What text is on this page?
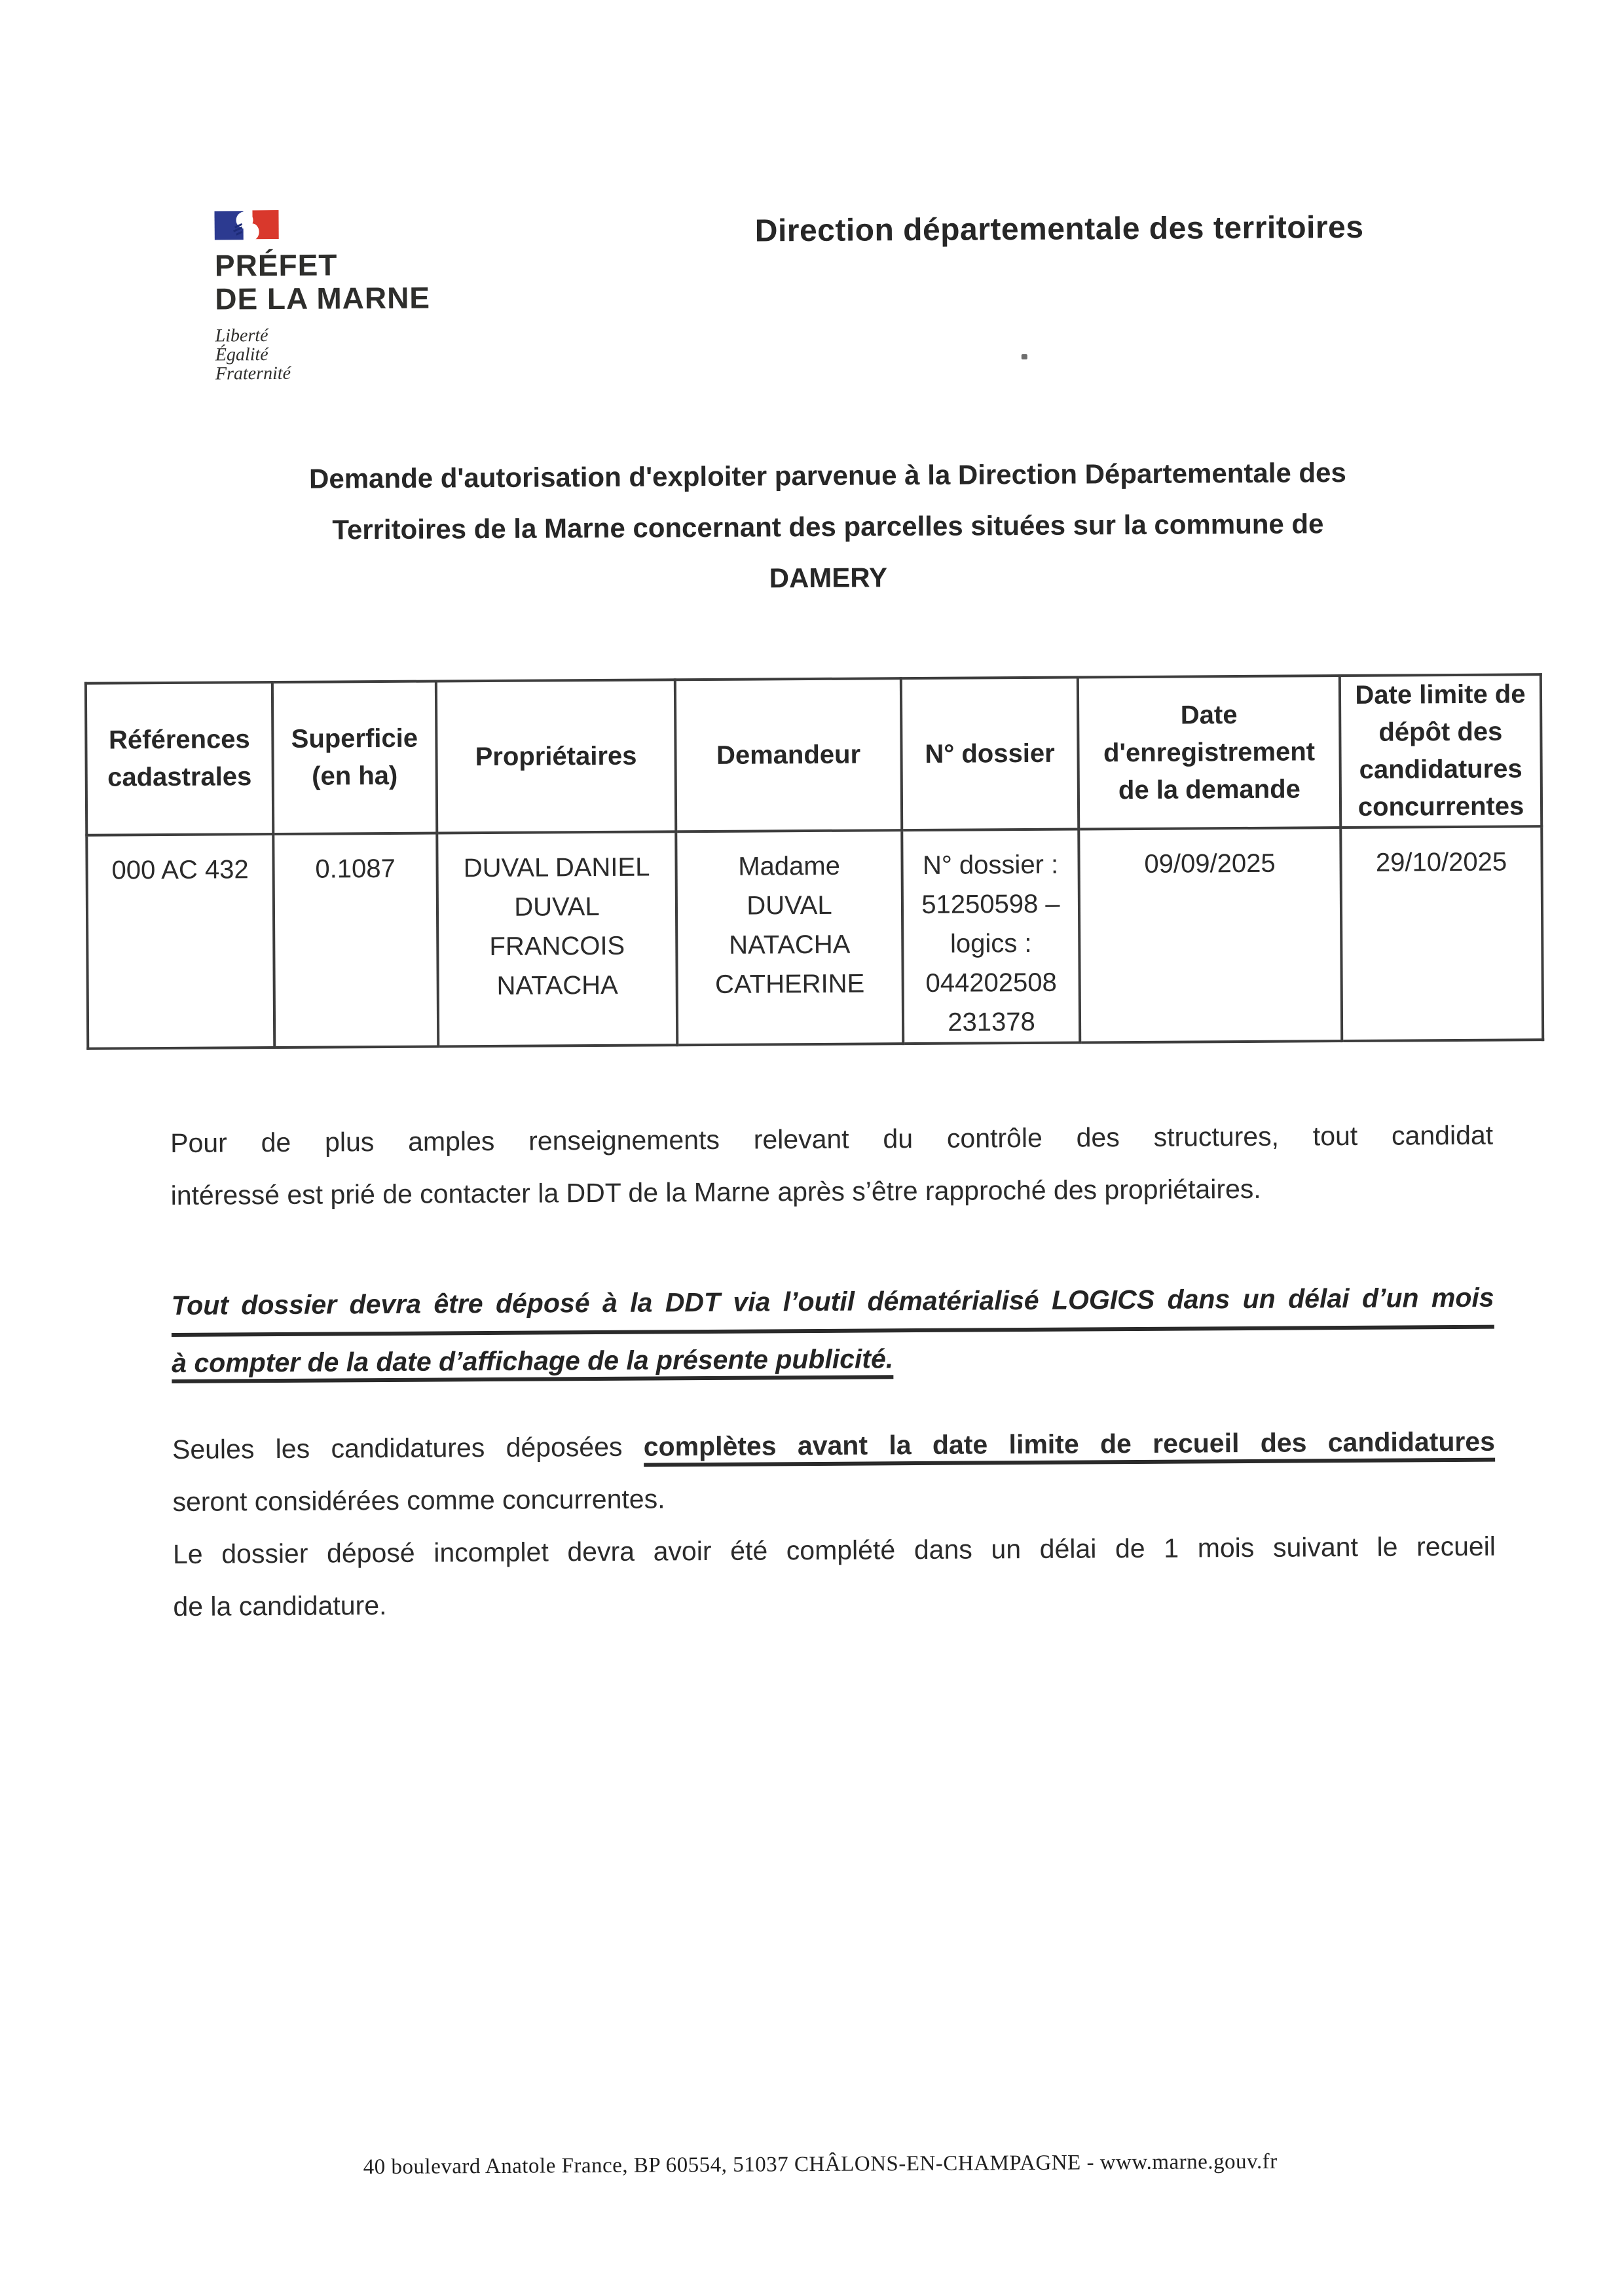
PRÉFET
DE LA MARNE
Liberté
Égalité
Fraternité
Direction départementale des territoires
Demande d'autorisation d'exploiter parvenue à la Direction Départementale des
Territoires de la Marne concernant des parcelles situées sur la commune de
DAMERY
Références
cadastrales	Superficie
(en ha)	Propriétaires	Demandeur	N° dossier	Date
d'enregistrement
de la demande	Date limite de
dépôt des
candidatures
concurrentes
000 AC 432	0.1087	DUVAL DANIEL
DUVAL
FRANCOIS
NATACHA	Madame
DUVAL
NATACHA
CATHERINE	N° dossier :
51250598 –
logics :
044202508
231378	09/09/2025	29/10/2025
Pour de plus amples renseignements relevant du contrôle des structures, tout candidat
intéressé est prié de contacter la DDT de la Marne après s’être rapproché des propriétaires.
Tout dossier devra être déposé à la DDT via l’outil dématérialisé LOGICS dans un délai d’un mois
à compter de la date d’affichage de la présente publicité.
Seules les candidatures déposées complètes avant la date limite de recueil des candidatures
seront considérées comme concurrentes.
Le dossier déposé incomplet devra avoir été complété dans un délai de 1 mois suivant le recueil
de la candidature.
40 boulevard Anatole France, BP 60554, 51037 CHÂLONS-EN-CHAMPAGNE - www.marne.gouv.fr
